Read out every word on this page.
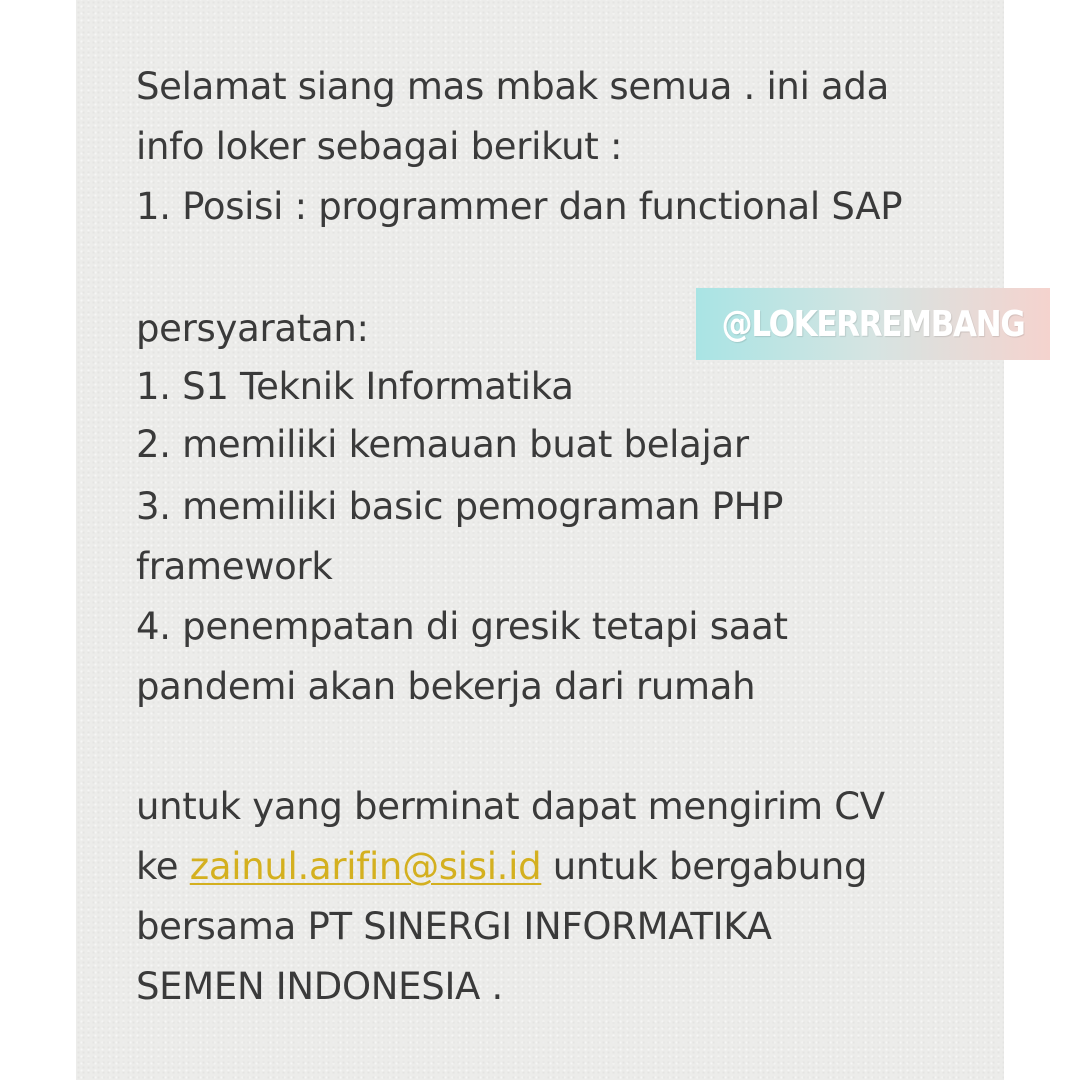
Selamat siang mas mbak semua . ini ada
info loker sebagai berikut :
1. Posisi : programmer dan functional SAP
persyaratan:
1. S1 Teknik Informatika
2. memiliki kemauan buat belajar
3. memiliki basic pemograman PHP
framework
4. penempatan di gresik tetapi saat
pandemi akan bekerja dari rumah
untuk yang berminat dapat mengirim CV
ke zainul.arifin@sisi.id untuk bergabung
bersama PT SINERGI INFORMATIKA
SEMEN INDONESIA .
@LOKERREMBANG
